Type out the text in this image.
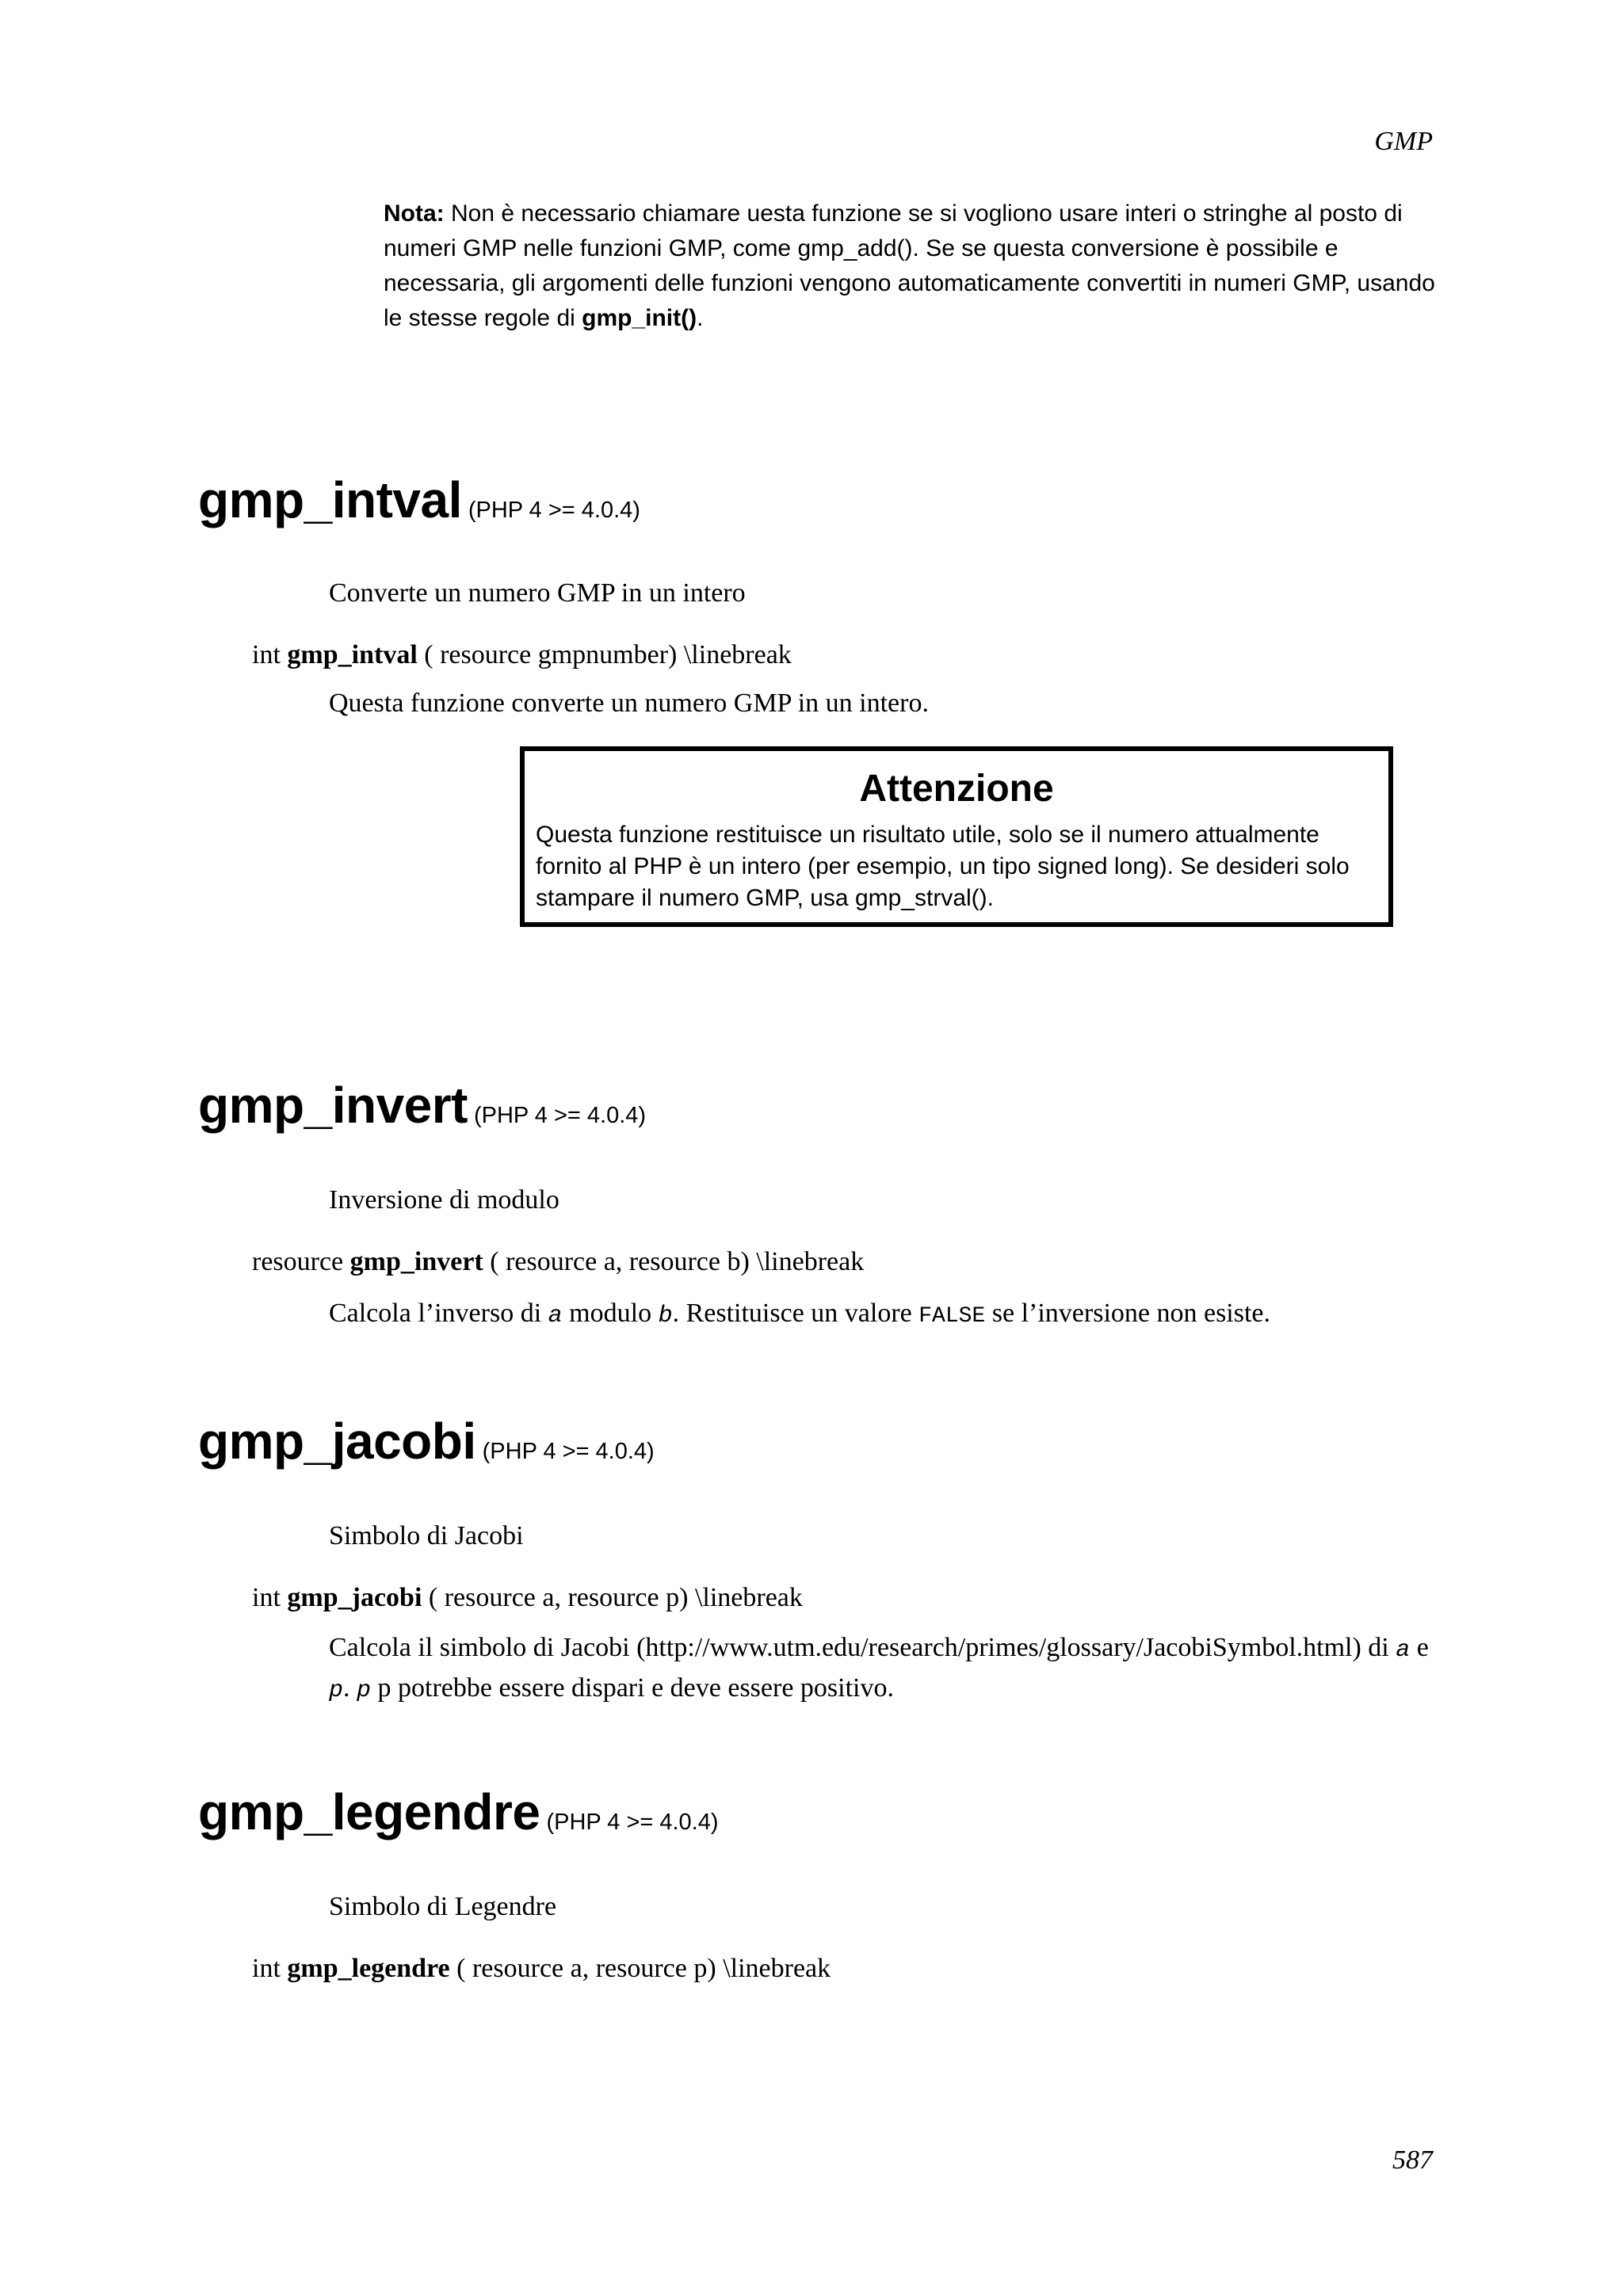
GMP
Nota: Non è necessario chiamare uesta funzione se si vogliono usare interi o stringhe al posto di numeri GMP nelle funzioni GMP, come gmp_add(). Se se questa conversione è possibile e necessaria, gli argomenti delle funzioni vengono automaticamente convertiti in numeri GMP, usando le stesse regole di gmp_init().
gmp_intval (PHP 4 >= 4.0.4)
Converte un numero GMP in un intero
int gmp_intval ( resource gmpnumber) \linebreak
Questa funzione converte un numero GMP in un intero.
Attenzione
Questa funzione restituisce un risultato utile, solo se il numero attualmente fornito al PHP è un intero (per esempio, un tipo signed long). Se desideri solo stampare il numero GMP, usa gmp_strval().
gmp_invert (PHP 4 >= 4.0.4)
Inversione di modulo
resource gmp_invert ( resource a, resource b) \linebreak
Calcola l’inverso di a modulo b. Restituisce un valore FALSE se l’inversione non esiste.
gmp_jacobi (PHP 4 >= 4.0.4)
Simbolo di Jacobi
int gmp_jacobi ( resource a, resource p) \linebreak
Calcola il simbolo di Jacobi (http://www.utm.edu/research/primes/glossary/JacobiSymbol.html) di a e p. p p potrebbe essere dispari e deve essere positivo.
gmp_legendre (PHP 4 >= 4.0.4)
Simbolo di Legendre
int gmp_legendre ( resource a, resource p) \linebreak
587
